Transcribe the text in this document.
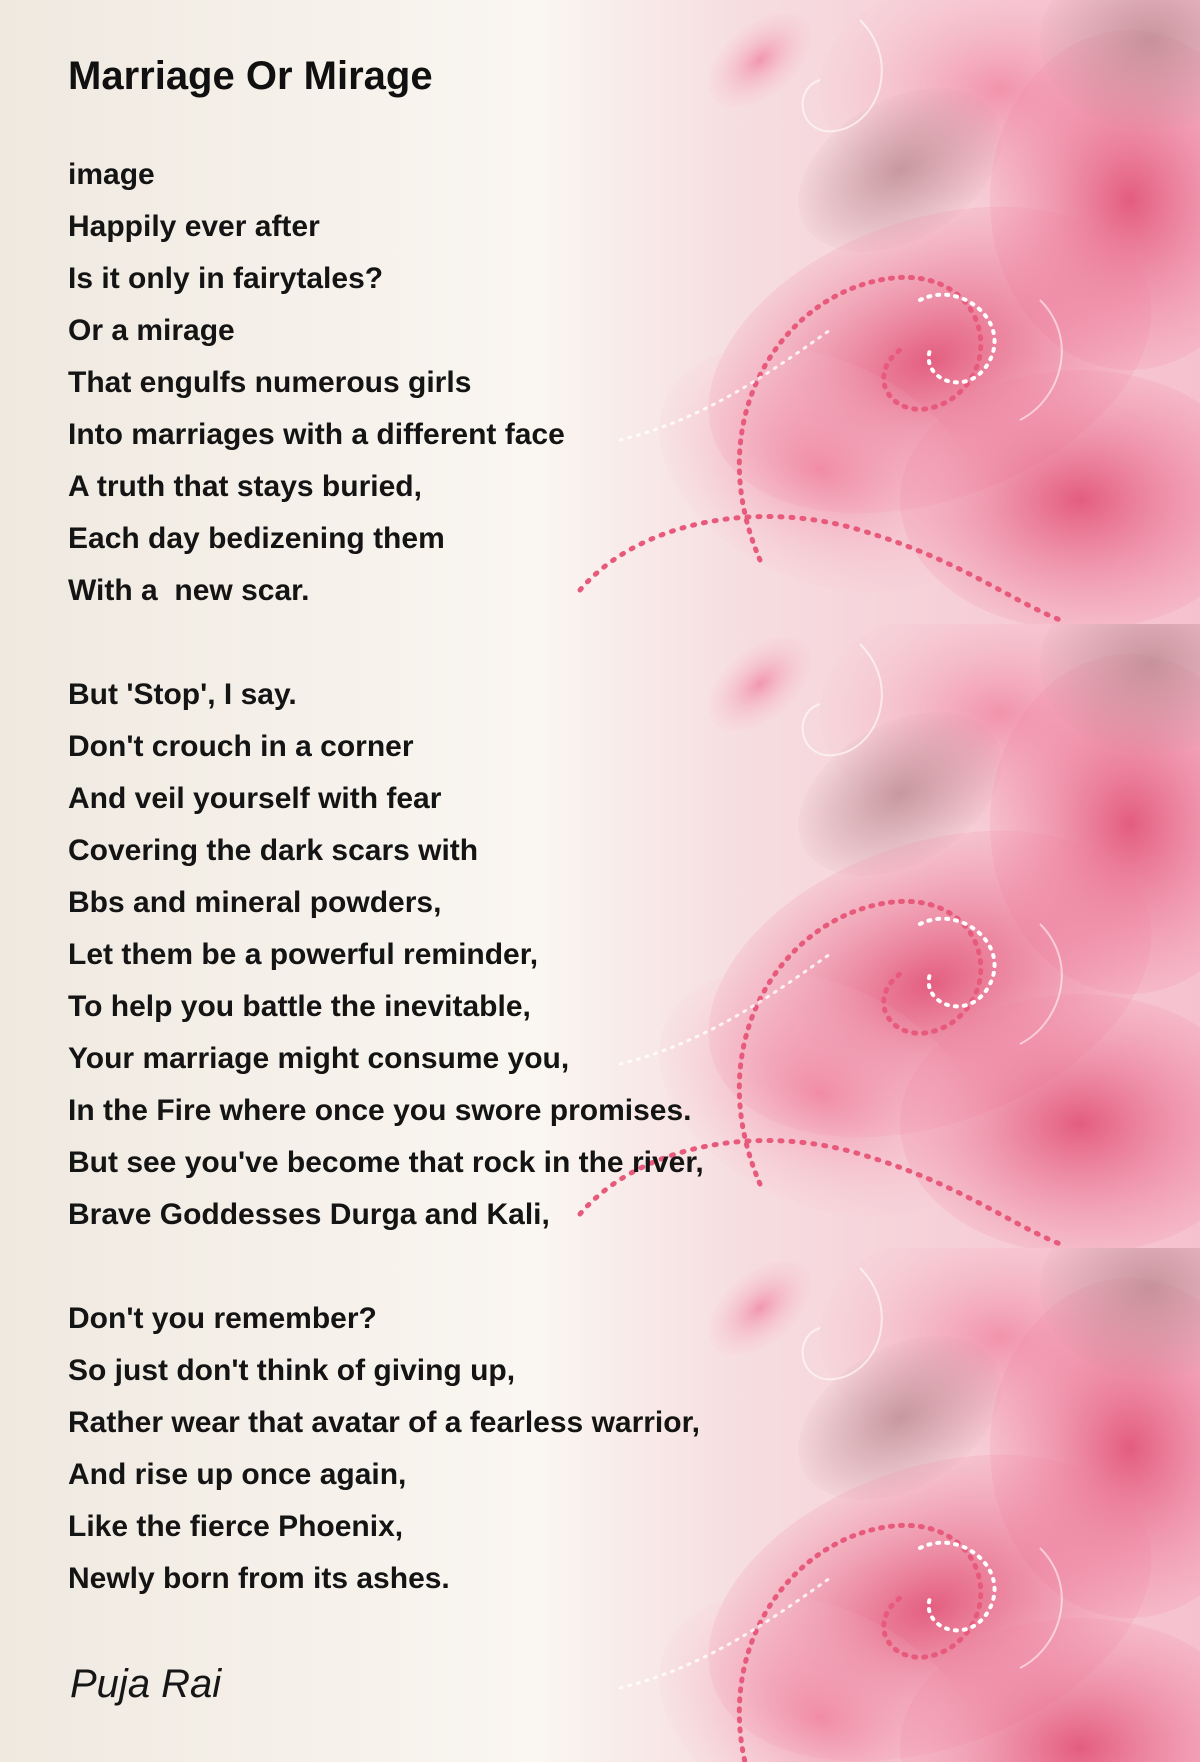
Marriage Or Mirage
image
Happily ever after
Is it only in fairytales?
Or a mirage
That engulfs numerous girls
Into marriages with a different face
A truth that stays buried,
Each day bedizening them
With a  new scar.
But 'Stop', I say.
Don't crouch in a corner
And veil yourself with fear
Covering the dark scars with
Bbs and mineral powders,
Let them be a powerful reminder,
To help you battle the inevitable,
Your marriage might consume you,
In the Fire where once you swore promises.
But see you've become that rock in the river,
Brave Goddesses Durga and Kali,
Don't you remember?
So just don't think of giving up,
Rather wear that avatar of a fearless warrior,
And rise up once again,
Like the fierce Phoenix,
Newly born from its ashes.
Puja Rai
